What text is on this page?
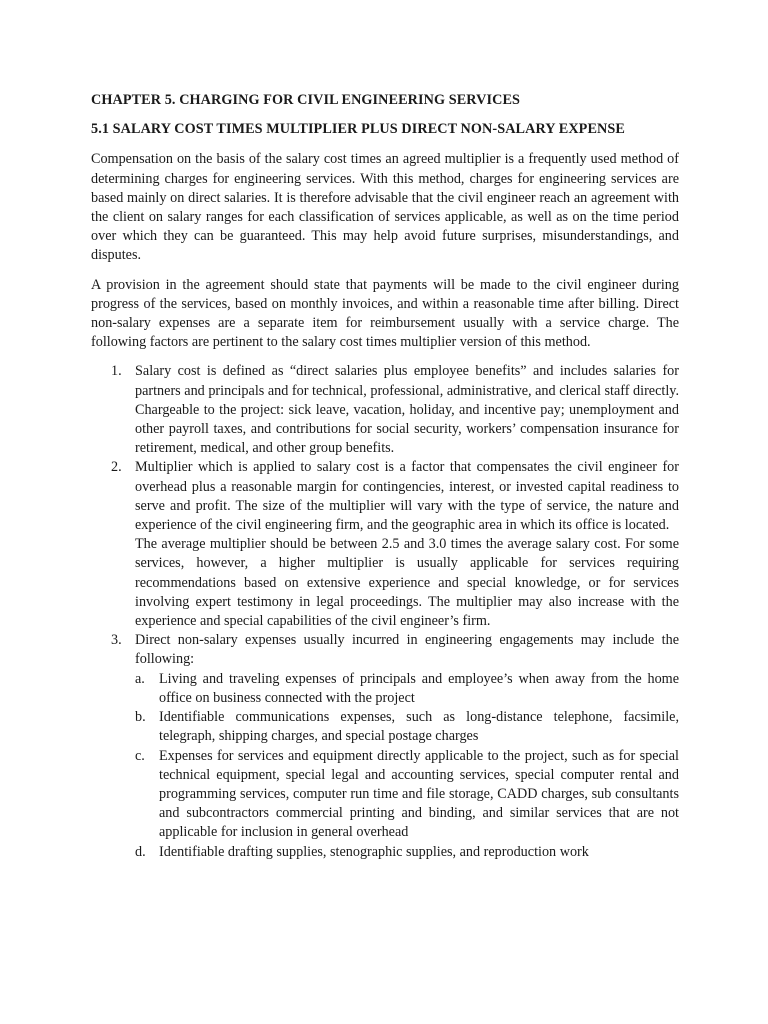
CHAPTER 5. CHARGING FOR CIVIL ENGINEERING SERVICES
5.1 SALARY COST TIMES MULTIPLIER PLUS DIRECT NON-SALARY EXPENSE

Compensation on the basis of the salary cost times an agreed multiplier is a frequently used method of determining charges for engineering services. With this method, charges for engineering services are based mainly on direct salaries. It is therefore advisable that the civil engineer reach an agreement with the client on salary ranges for each classification of services applicable, as well as on the time period over which they can be guaranteed. This may help avoid future surprises, misunderstandings, and disputes.

A provision in the agreement should state that payments will be made to the civil engineer during progress of the services, based on monthly invoices, and within a reasonable time after billing. Direct non-salary expenses are a separate item for reimbursement usually with a service charge. The following factors are pertinent to the salary cost times multiplier version of this method.

1. Salary cost is defined as “direct salaries plus employee benefits” and includes salaries for partners and principals and for technical, professional, administrative, and clerical staff directly. Chargeable to the project: sick leave, vacation, holiday, and incentive pay; unemployment and other payroll taxes, and contributions for social security, workers’ compensation insurance for retirement, medical, and other group benefits.
2. Multiplier which is applied to salary cost is a factor that compensates the civil engineer for overhead plus a reasonable margin for contingencies, interest, or invested capital readiness to serve and profit. The size of the multiplier will vary with the type of service, the nature and experience of the civil engineering firm, and the geographic area in which its office is located.
The average multiplier should be between 2.5 and 3.0 times the average salary cost. For some services, however, a higher multiplier is usually applicable for services requiring recommendations based on extensive experience and special knowledge, or for services involving expert testimony in legal proceedings. The multiplier may also increase with the experience and special capabilities of the civil engineer’s firm.
3. Direct non-salary expenses usually incurred in engineering engagements may include the following:
a. Living and traveling expenses of principals and employee’s when away from the home office on business connected with the project
b. Identifiable communications expenses, such as long-distance telephone, facsimile, telegraph, shipping charges, and special postage charges
c. Expenses for services and equipment directly applicable to the project, such as for special technical equipment, special legal and accounting services, special computer rental and programming services, computer run time and file storage, CADD charges, sub consultants and subcontractors commercial printing and binding, and similar services that are not applicable for inclusion in general overhead
d. Identifiable drafting supplies, stenographic supplies, and reproduction work
